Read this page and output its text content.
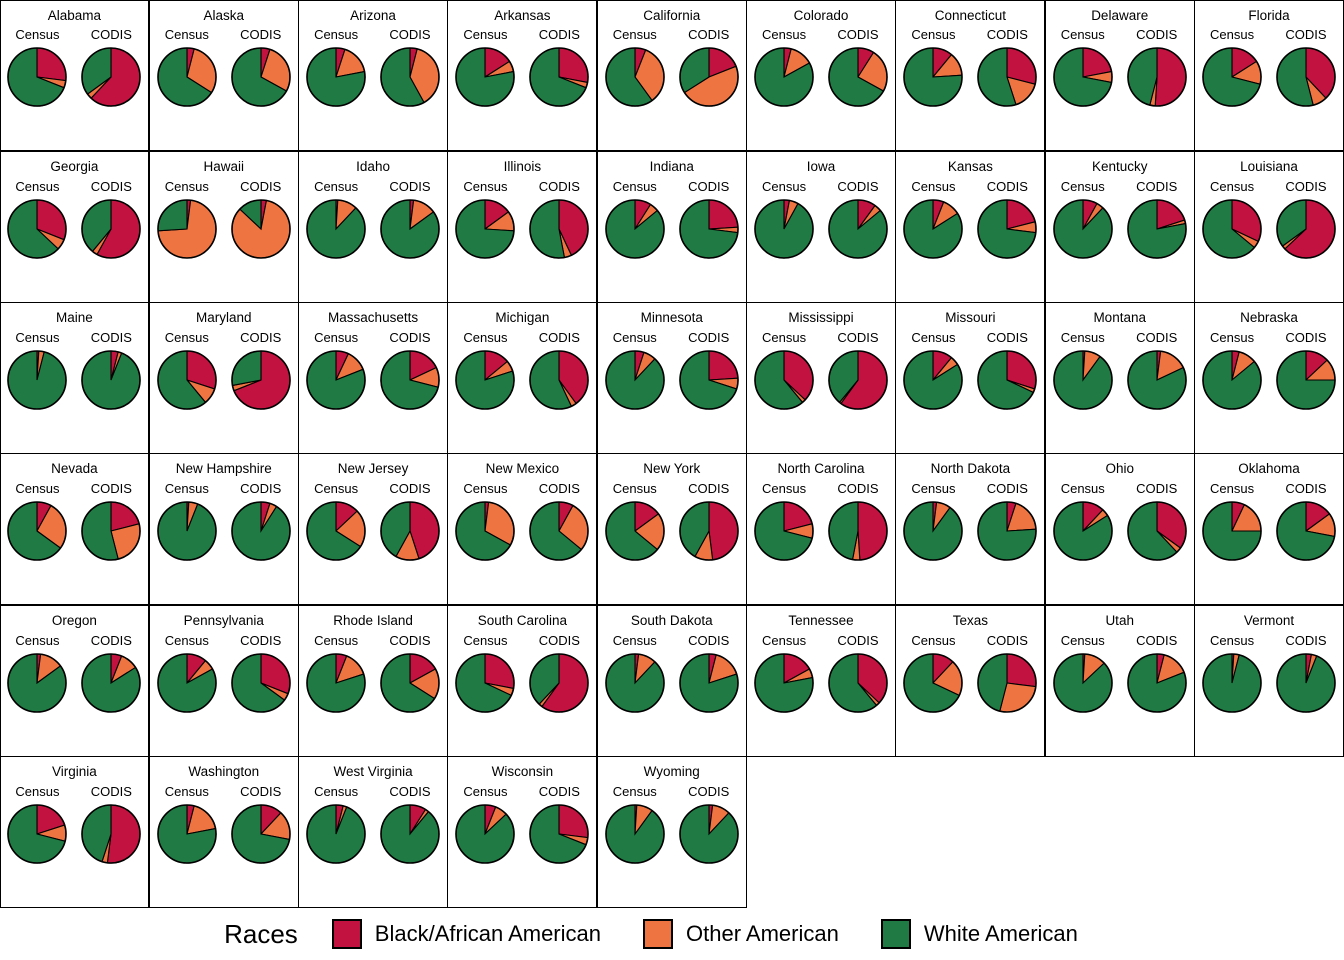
Alabama
Census CODIS
Alaska
Census CODIS
Arizona
Census CODIS
Arkansas
Census CODIS
California
Census CODIS
Colorado
Census CODIS
Connecticut
Census CODIS
Delaware
Census CODIS
Florida
Census CODIS
Georgia
Census CODIS
Hawaii
Census CODIS
Idaho
Census CODIS
Illinois
Census CODIS
Indiana
Census CODIS
Iowa
Census CODIS
Kansas
Census CODIS
Kentucky
Census CODIS
Louisiana
Census CODIS
Maine
Census CODIS
Maryland
Census CODIS
Massachusetts
Census CODIS
Michigan
Census CODIS
Minnesota
Census CODIS
Mississippi
Census CODIS
Missouri
Census CODIS
Montana
Census CODIS
Nebraska
Census CODIS
Nevada
Census CODIS
New Hampshire
Census CODIS
New Jersey
Census CODIS
New Mexico
Census CODIS
New York
Census CODIS
North Carolina
Census CODIS
North Dakota
Census CODIS
Ohio
Census CODIS
Oklahoma
Census CODIS
Oregon
Census CODIS
Pennsylvania
Census CODIS
Rhode Island
Census CODIS
South Carolina
Census CODIS
South Dakota
Census CODIS
Tennessee
Census CODIS
Texas
Census CODIS
Utah
Census CODIS
Vermont
Census CODIS
Virginia
Census CODIS
Washington
Census CODIS
West Virginia
Census CODIS
Wisconsin
Census CODIS
Wyoming
Census CODIS
Races	Black/African American	Other American	White American
